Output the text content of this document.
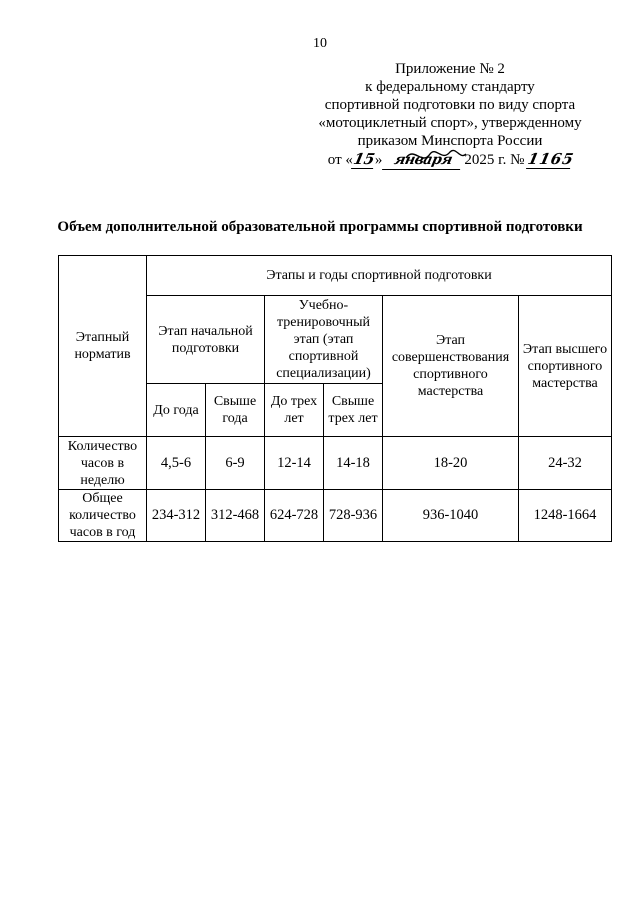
10
Приложение № 2
к федеральному стандарту
спортивной подготовки по виду спорта
«мотоциклетный спорт», утвержденному
приказом Минспорта России
от «15» января 2025 г. № 1165
Объем дополнительной образовательной программы спортивной подготовки
Этапный норматив	Этапы и годы спортивной подготовки					
	Этап начальной подготовки		Учебно-тренировочный этап (этап спортивной специализации)		Этап совершенствования спортивного мастерства	Этап высшего спортивного мастерства
	До года	Свыше года	До трех лет	Свыше трех лет		
Количество часов в неделю	4,5-6	6-9	12-14	14-18	18-20	24-32
Общее количество часов в год	234-312	312-468	624-728	728-936	936-1040	1248-1664
